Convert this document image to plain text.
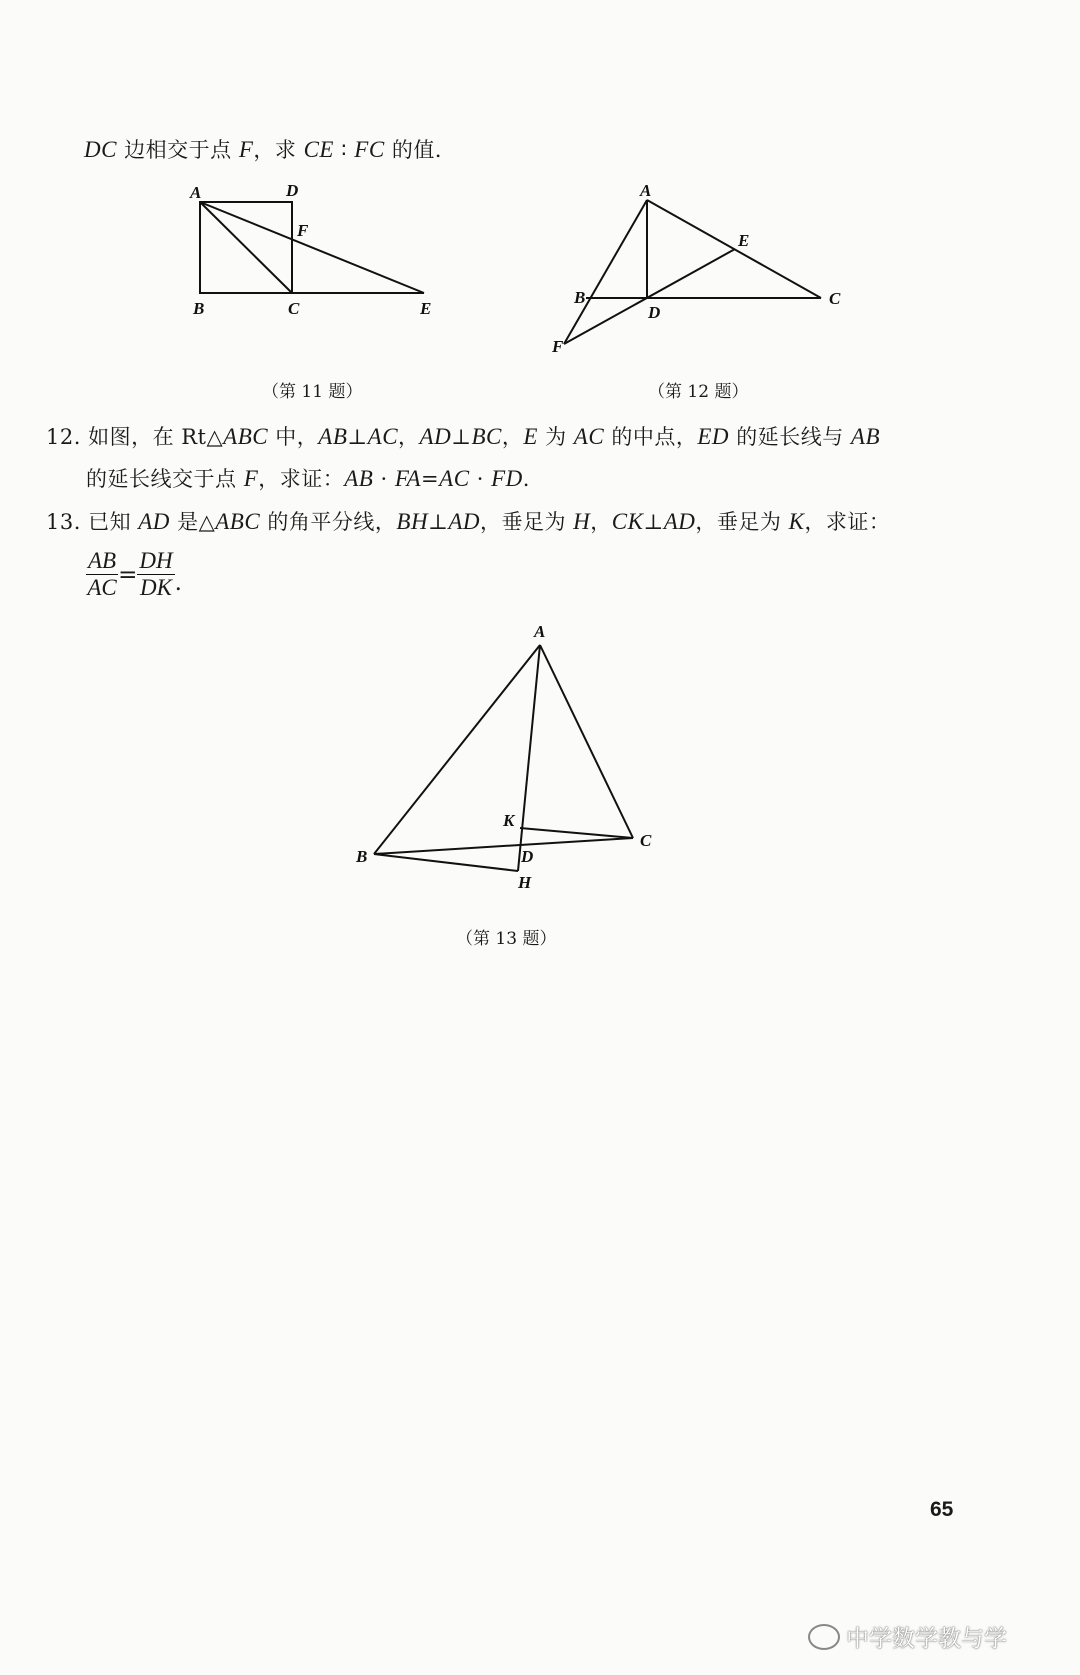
DC 边相交于点 F，求 CE ∶ FC 的值．
A	D
F
B	C	E
A
E
B	C
D
F
A
K
C
B	D
H
（第 11 题）	（第 12 题）
12. 如图，在 Rt△ABC 中，AB⊥AC，AD⊥BC，E 为 AC 的中点，ED 的延长线与 AB
的延长线交于点 F，求证：AB · FA=AC · FD.
13. 已知 AD 是△ABC 的角平分线，BH⊥AD，垂足为 H，CK⊥AD，垂足为 K，求证：
$\frac{AB}{AC} = \frac{DH}{DK}$ .
（第 13 题）
65
中学数学教与学
